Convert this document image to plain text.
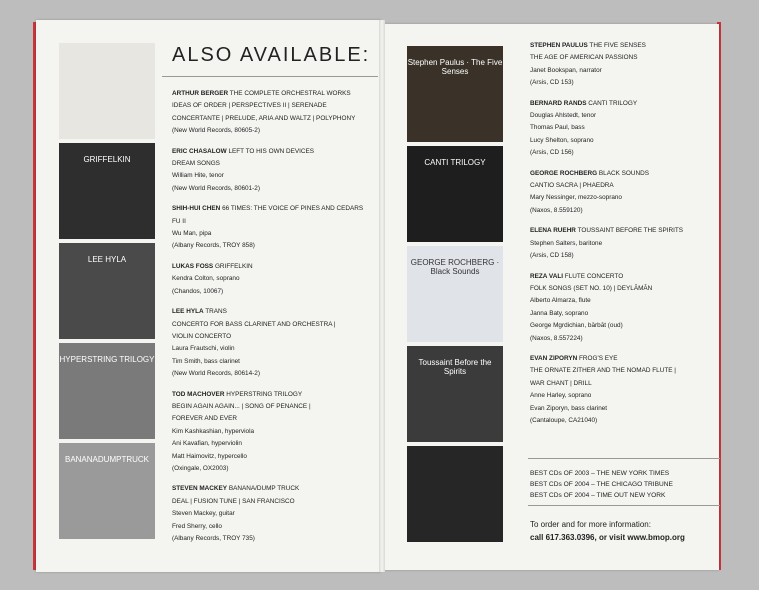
GRIFFELKIN
LEE HYLA
HYPERSTRING TRILOGY
BANANADUMPTRUCK
Stephen Paulus · The Five Senses
CANTI TRILOGY
GEORGE ROCHBERG · Black Sounds
Toussaint Before the Spirits
ALSO AVAILABLE:
ARTHUR BERGER THE COMPLETE ORCHESTRAL WORKS
IDEAS OF ORDER | PERSPECTIVES II | SERENADE
CONCERTANTE | PRELUDE, ARIA AND WALTZ | POLYPHONY
(New World Records, 80605-2)
ERIC CHASALOW LEFT TO HIS OWN DEVICES
DREAM SONGS
William Hite, tenor
(New World Records, 80601-2)
SHIH-HUI CHEN 66 TIMES: THE VOICE OF PINES AND CEDARS
FU II
Wu Man, pipa
(Albany Records, TROY 858)
LUKAS FOSS GRIFFELKIN
Kendra Colton, soprano
(Chandos, 10067)
LEE HYLA TRANS
CONCERTO FOR BASS CLARINET AND ORCHESTRA |
VIOLIN CONCERTO
Laura Frautschi, violin
Tim Smith, bass clarinet
(New World Records, 80614-2)
TOD MACHOVER HYPERSTRING TRILOGY
BEGIN AGAIN AGAIN... | SONG OF PENANCE |
FOREVER AND EVER
Kim Kashkashian, hyperviola
Ani Kavafian, hyperviolin
Matt Haimovitz, hypercello
(Oxingale, OX2003)
STEVEN MACKEY BANANA/DUMP TRUCK
DEAL | FUSION TUNE | SAN FRANCISCO
Steven Mackey, guitar
Fred Sherry, cello
(Albany Records, TROY 735)
STEPHEN PAULUS THE FIVE SENSES
THE AGE OF AMERICAN PASSIONS
Janet Bookspan, narrator
(Arsis, CD 153)
BERNARD RANDS CANTI TRILOGY
Douglas Ahlstedt, tenor
Thomas Paul, bass
Lucy Shelton, soprano
(Arsis, CD 156)
GEORGE ROCHBERG BLACK SOUNDS
CANTIO SACRA | PHAEDRA
Mary Nessinger, mezzo-soprano
(Naxos, 8.559120)
ELENA RUEHR TOUSSAINT BEFORE THE SPIRITS
Stephen Salters, baritone
(Arsis, CD 158)
REZA VALI FLUTE CONCERTO
FOLK SONGS (SET NO. 10) | DEYLĀMĀN
Alberto Almarza, flute
Janna Baty, soprano
George Mgrdichian, bārbāt (oud)
(Naxos, 8.557224)
EVAN ZIPORYN FROG'S EYE
THE ORNATE ZITHER AND THE NOMAD FLUTE |
WAR CHANT | DRILL
Anne Harley, soprano
Evan Ziporyn, bass clarinet
(Cantaloupe, CA21040)
BEST CDs OF 2003 – THE NEW YORK TIMES
BEST CDs OF 2004 – THE CHICAGO TRIBUNE
BEST CDs OF 2004 – TIME OUT NEW YORK
To order and for more information:
call 617.363.0396, or visit www.bmop.org
